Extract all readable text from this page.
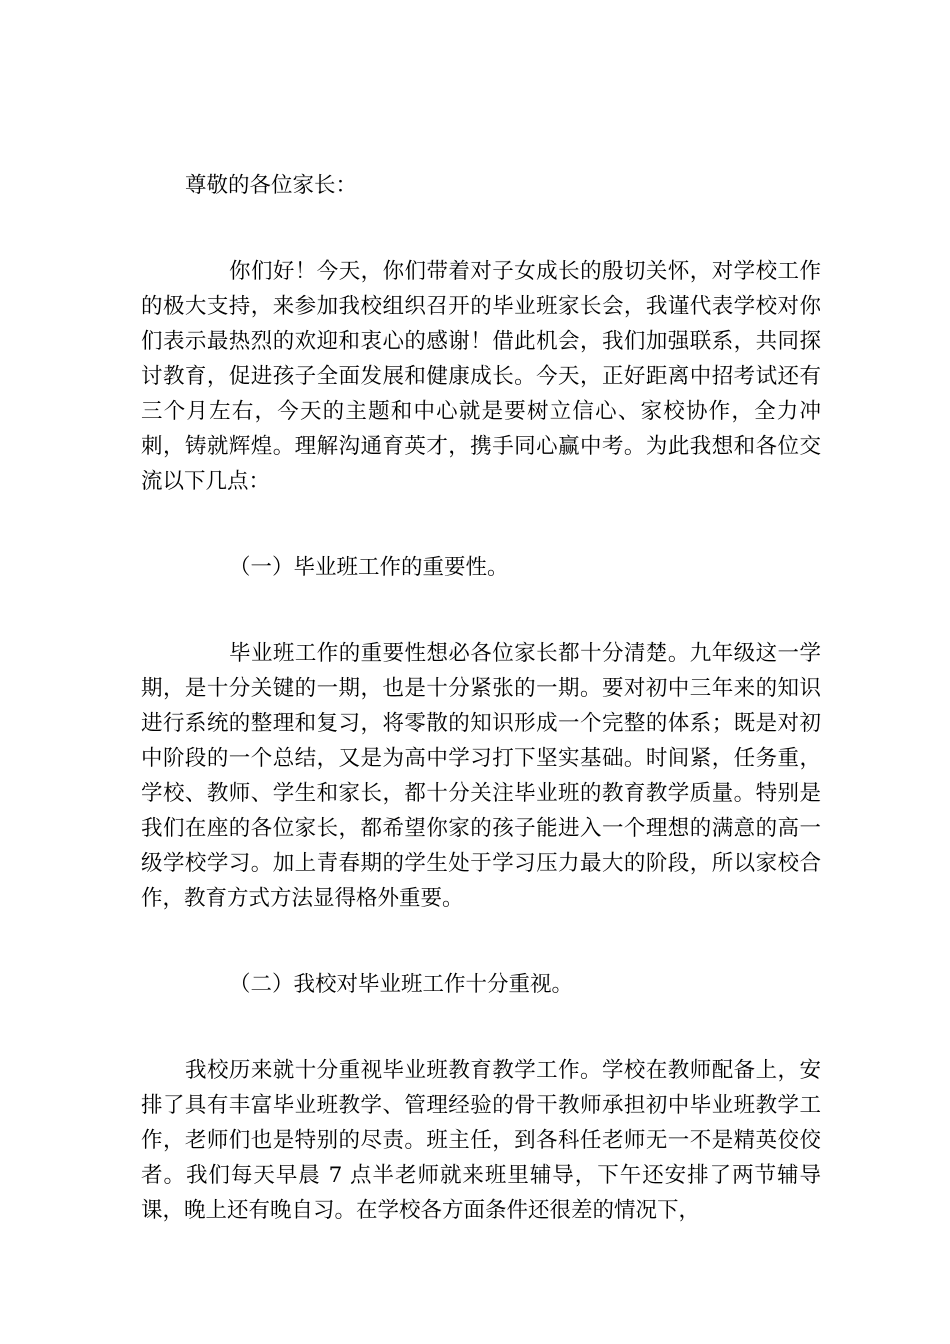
尊敬的各位家长：

你们好！今天，你们带着对子女成长的殷切关怀，对学校工作的极大支持，来参加我校组织召开的毕业班家长会，我谨代表学校对你们表示最热烈的欢迎和衷心的感谢！借此机会，我们加强联系，共同探讨教育，促进孩子全面发展和健康成长。今天，正好距离中招考试还有三个月左右，今天的主题和中心就是要树立信心、家校协作，全力冲刺，铸就辉煌。理解沟通育英才，携手同心赢中考。为此我想和各位交流以下几点：

（一）毕业班工作的重要性。

毕业班工作的重要性想必各位家长都十分清楚。九年级这一学期，是十分关键的一期，也是十分紧张的一期。要对初中三年来的知识进行系统的整理和复习，将零散的知识形成一个完整的体系；既是对初中阶段的一个总结，又是为高中学习打下坚实基础。时间紧，任务重，学校、教师、学生和家长，都十分关注毕业班的教育教学质量。特别是我们在座的各位家长，都希望你家的孩子能进入一个理想的满意的高一级学校学习。加上青春期的学生处于学习压力最大的阶段，所以家校合作，教育方式方法显得格外重要。

（二）我校对毕业班工作十分重视。

我校历来就十分重视毕业班教育教学工作。学校在教师配备上，安排了具有丰富毕业班教学、管理经验的骨干教师承担初中毕业班教学工作，老师们也是特别的尽责。班主任，到各科任老师无一不是精英佼佼者。我们每天早晨 7 点半老师就来班里辅导，下午还安排了两节辅导课，晚上还有晚自习。在学校各方面条件还很差的情况下，
